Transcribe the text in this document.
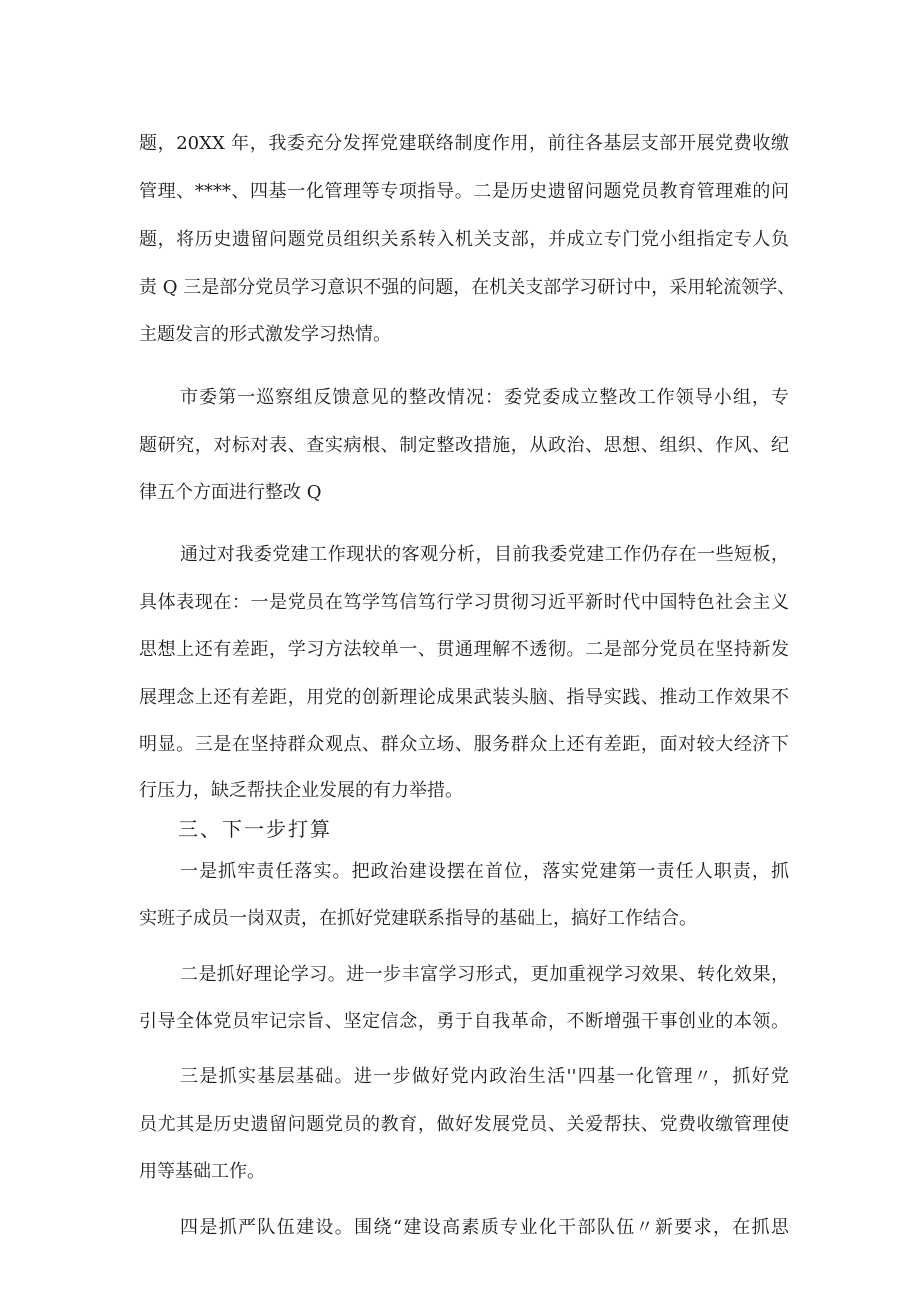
题，20XX 年，我委充分发挥党建联络制度作用，前往各基层支部开展党费收缴
管理、****、四基一化管理等专项指导。二是历史遗留问题党员教育管理难的问
题，将历史遗留问题党员组织关系转入机关支部，并成立专门党小组指定专人负
责 Q 三是部分党员学习意识不强的问题，在机关支部学习研讨中，采用轮流领学、
主题发言的形式激发学习热情。
市委第一巡察组反馈意见的整改情况：委党委成立整改工作领导小组，专
题研究，对标对表、查实病根、制定整改措施，从政治、思想、组织、作风、纪
律五个方面进行整改 Q
通过对我委党建工作现状的客观分析，目前我委党建工作仍存在一些短板，
具体表现在：一是党员在笃学笃信笃行学习贯彻习近平新时代中国特色社会主义
思想上还有差距，学习方法较单一、贯通理解不透彻。二是部分党员在坚持新发
展理念上还有差距，用党的创新理论成果武装头脑、指导实践、推动工作效果不
明显。三是在坚持群众观点、群众立场、服务群众上还有差距，面对较大经济下
行压力，缺乏帮扶企业发展的有力举措。
三、下一步打算
一是抓牢责任落实。把政治建设摆在首位，落实党建第一责任人职责，抓
实班子成员一岗双责，在抓好党建联系指导的基础上，搞好工作结合。
二是抓好理论学习。进一步丰富学习形式，更加重视学习效果、转化效果，
引导全体党员牢记宗旨、坚定信念，勇于自我革命，不断增强干事创业的本领。
三是抓实基层基础。进一步做好党内政治生活''四基一化管理〃，抓好党
员尤其是历史遗留问题党员的教育，做好发展党员、关爱帮扶、党费收缴管理使
用等基础工作。
四是抓严队伍建设。围绕“建设高素质专业化干部队伍〃新要求，在抓思
